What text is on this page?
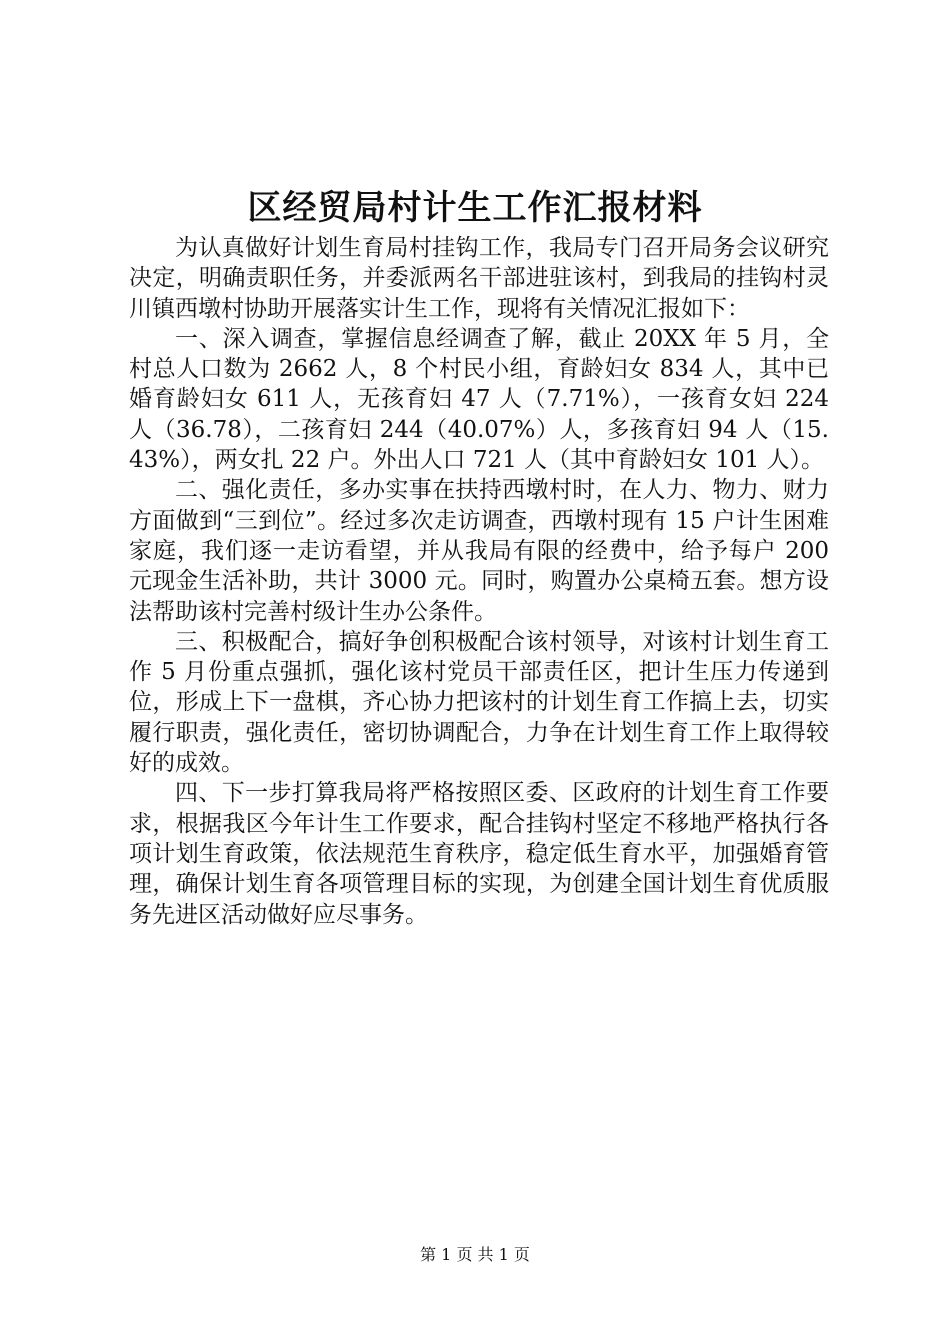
区经贸局村计生工作汇报材料

为认真做好计划生育局村挂钩工作，我局专门召开局务会议研究决定，明确责职任务，并委派两名干部进驻该村，到我局的挂钩村灵川镇西墩村协助开展落实计生工作，现将有关情况汇报如下：

一、深入调查，掌握信息经调查了解，截止 20XX 年 5 月，全村总人口数为 2662 人，8 个村民小组，育龄妇女 834 人，其中已婚育龄妇女 611 人，无孩育妇 47 人（7.71%），一孩育女妇 224 人（36.78），二孩育妇 244（40.07%）人，多孩育妇 94 人（15.43%），两女扎 22 户。外出人口 721 人（其中育龄妇女 101 人）。

二、强化责任，多办实事在扶持西墩村时，在人力、物力、财力方面做到“三到位”。经过多次走访调查，西墩村现有 15 户计生困难家庭，我们逐一走访看望，并从我局有限的经费中，给予每户 200 元现金生活补助，共计 3000 元。同时，购置办公桌椅五套。想方设法帮助该村完善村级计生办公条件。

三、积极配合，搞好争创积极配合该村领导，对该村计划生育工作 5 月份重点强抓，强化该村党员干部责任区，把计生压力传递到位，形成上下一盘棋，齐心协力把该村的计划生育工作搞上去，切实履行职责，强化责任，密切协调配合，力争在计划生育工作上取得较好的成效。

四、下一步打算我局将严格按照区委、区政府的计划生育工作要求，根据我区今年计生工作要求，配合挂钩村坚定不移地严格执行各项计划生育政策，依法规范生育秩序，稳定低生育水平，加强婚育管理，确保计划生育各项管理目标的实现，为创建全国计划生育优质服务先进区活动做好应尽事务。

第 1 页 共 1 页
